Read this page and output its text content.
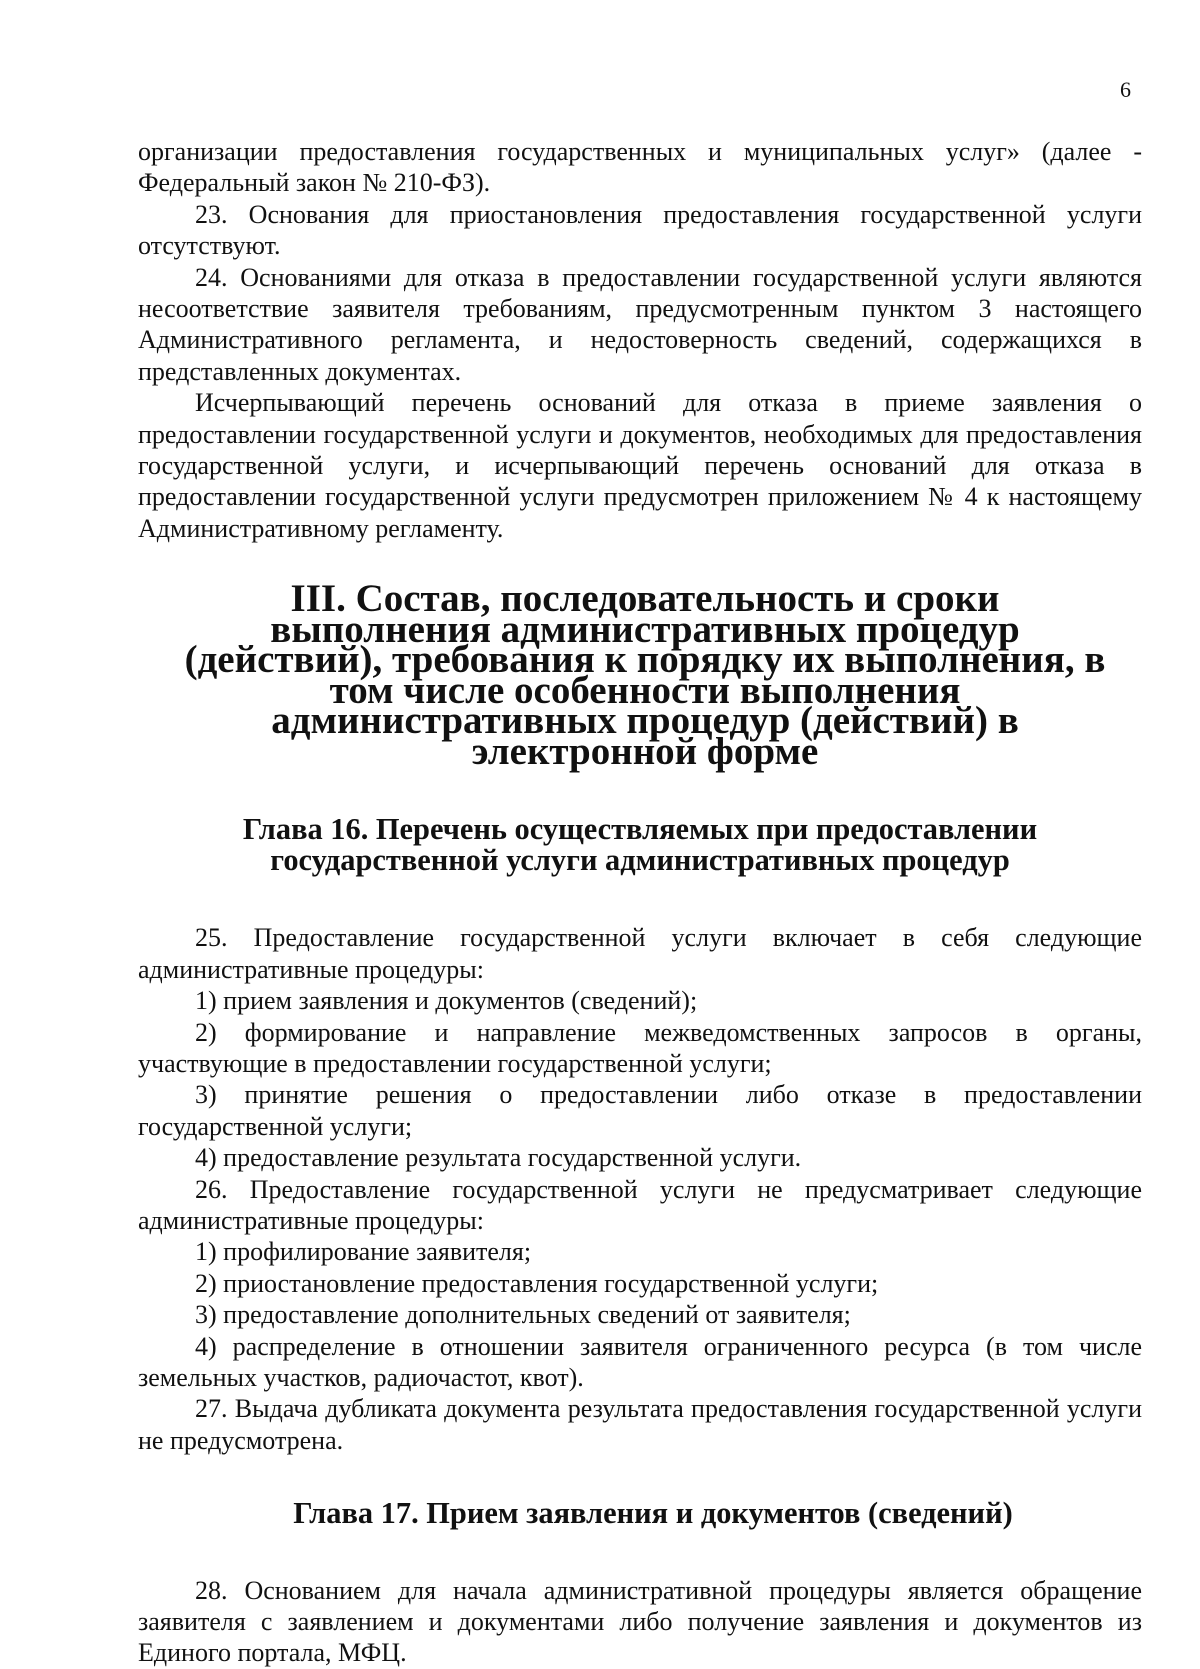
6

организации предоставления государственных и муниципальных услуг» (далее - Федеральный закон № 210-ФЗ).

23. Основания для приостановления предоставления государственной услуги отсутствуют.

24. Основаниями для отказа в предоставлении государственной услуги являются несоответствие заявителя требованиям, предусмотренным пунктом 3 настоящего Административного регламента, и недостоверность сведений, содержащихся в представленных документах.

Исчерпывающий перечень оснований для отказа в приеме заявления о предоставлении государственной услуги и документов, необходимых для предоставления государственной услуги, и исчерпывающий перечень оснований для отказа в предоставлении государственной услуги предусмотрен приложением № 4 к настоящему Административному регламенту.

III. Состав, последовательность и сроки выполнения административных процедур (действий), требования к порядку их выполнения, в том числе особенности выполнения административных процедур (действий) в электронной форме
Глава 16. Перечень осуществляемых при предоставлении государственной услуги административных процедур

25. Предоставление государственной услуги включает в себя следующие административные процедуры:

1) прием заявления и документов (сведений);

2) формирование и направление межведомственных запросов в органы, участвующие в предоставлении государственной услуги;

3) принятие решения о предоставлении либо отказе в предоставлении государственной услуги;

4) предоставление результата государственной услуги.

26. Предоставление государственной услуги не предусматривает следующие административные процедуры:

1) профилирование заявителя;

2) приостановление предоставления государственной услуги;

3) предоставление дополнительных сведений от заявителя;

4) распределение в отношении заявителя ограниченного ресурса (в том числе земельных участков, радиочастот, квот).

27. Выдача дубликата документа результата предоставления государственной услуги не предусмотрена.

Глава 17. Прием заявления и документов (сведений)

28. Основанием для начала административной процедуры является обращение заявителя с заявлением и документами либо получение заявления и документов из Единого портала, МФЦ.
